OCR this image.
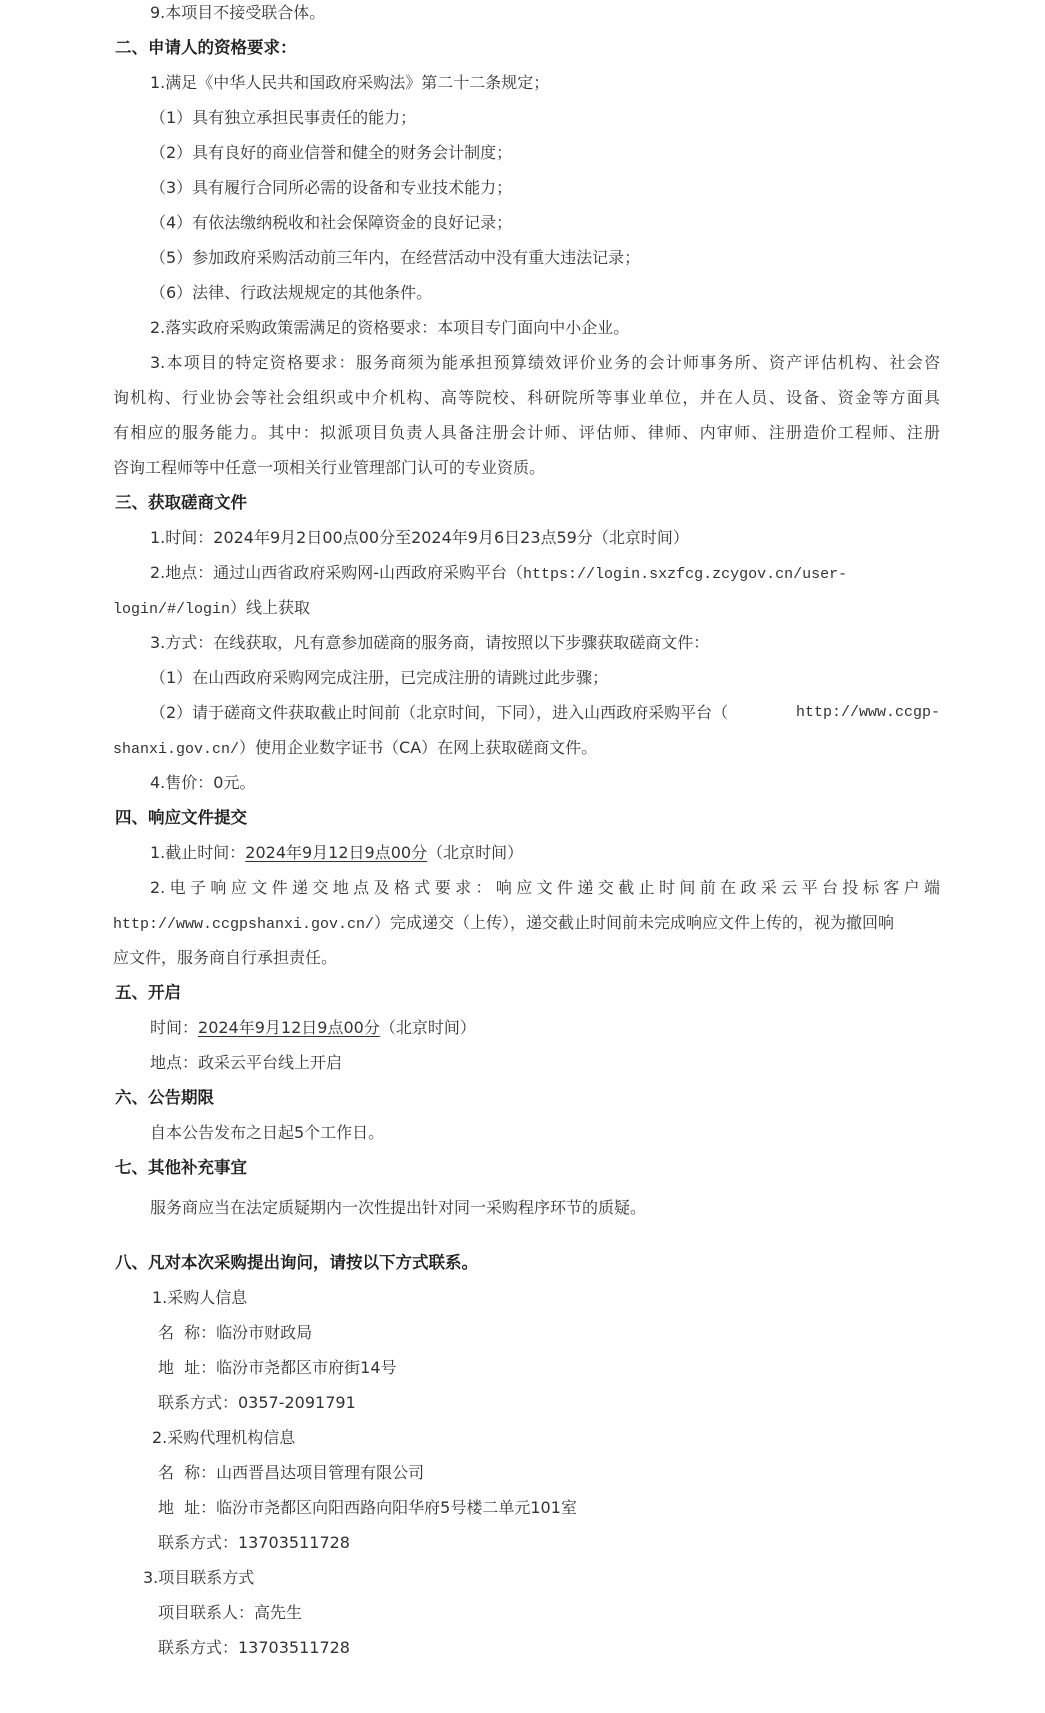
9.本项目不接受联合体。
二、申请人的资格要求：
1.满足《中华人民共和国政府采购法》第二十二条规定；
（1）具有独立承担民事责任的能力；
（2）具有良好的商业信誉和健全的财务会计制度；
（3）具有履行合同所必需的设备和专业技术能力；
（4）有依法缴纳税收和社会保障资金的良好记录；
（5）参加政府采购活动前三年内，在经营活动中没有重大违法记录；
（6）法律、行政法规规定的其他条件。
2.落实政府采购政策需满足的资格要求：本项目专门面向中小企业。
3.本项目的特定资格要求：服务商须为能承担预算绩效评价业务的会计师事务所、资产评估机构、社会咨
询机构、行业协会等社会组织或中介机构、高等院校、科研院所等事业单位，并在人员、设备、资金等方面具
有相应的服务能力。其中：拟派项目负责人具备注册会计师、评估师、律师、内审师、注册造价工程师、注册
咨询工程师等中任意一项相关行业管理部门认可的专业资质。
三、获取磋商文件
1.时间：2024年9月2日00点00分至2024年9月6日23点59分（北京时间）
2.地点：通过山西省政府采购网-山西政府采购平台（https://login.sxzfcg.zcygov.cn/user-
login/#/login）线上获取
3.方式：在线获取，凡有意参加磋商的服务商，请按照以下步骤获取磋商文件：
（1）在山西政府采购网完成注册，已完成注册的请跳过此步骤；
（2）请于磋商文件获取截止时间前（北京时间，下同），进入山西政府采购平台（	http://www.ccgp-
shanxi.gov.cn/）使用企业数字证书（CA）在网上获取磋商文件。
4.售价：0元。
四、响应文件提交
1.截止时间：2024年9月12日9点00分（北京时间）
2.电子响应文件递交地点及格式要求：响应文件递交截止时间前在政采云平台投标客户端
http://www.ccgpshanxi.gov.cn/）完成递交（上传），递交截止时间前未完成响应文件上传的，视为撤回响
应文件，服务商自行承担责任。
五、开启
时间：2024年9月12日9点00分（北京时间）
地点：政采云平台线上开启
六、公告期限
自本公告发布之日起5个工作日。
七、其他补充事宜
服务商应当在法定质疑期内一次性提出针对同一采购程序环节的质疑。
八、凡对本次采购提出询问，请按以下方式联系。
1.采购人信息
名  称：临汾市财政局
地  址：临汾市尧都区市府街14号
联系方式：0357-2091791
2.采购代理机构信息
名  称：山西晋昌达项目管理有限公司
地  址：临汾市尧都区向阳西路向阳华府5号楼二单元101室
联系方式：13703511728
3.项目联系方式
项目联系人：高先生
联系方式：13703511728
